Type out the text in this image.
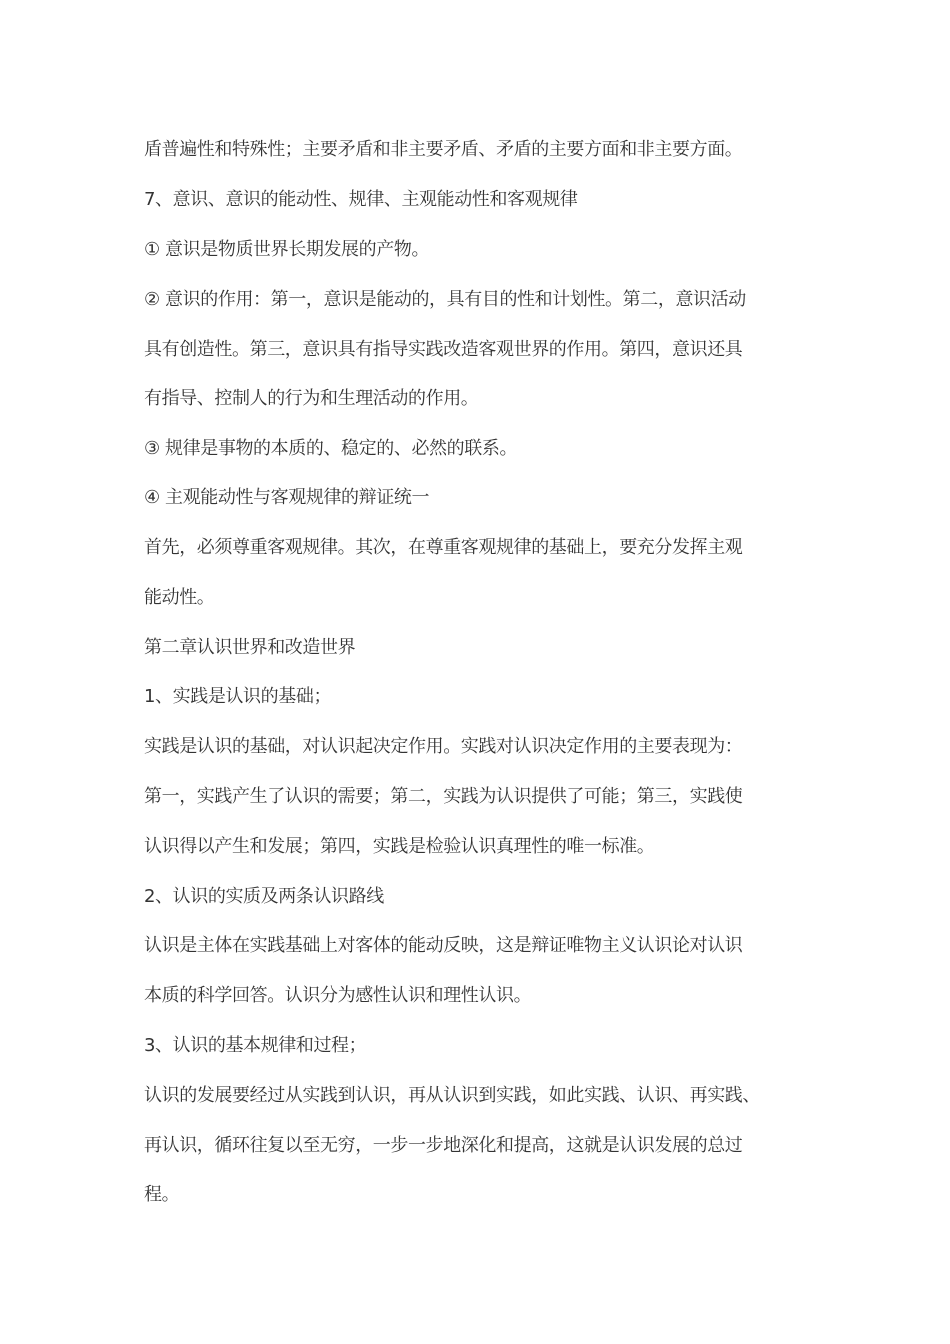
盾普遍性和特殊性；主要矛盾和非主要矛盾、矛盾的主要方面和非主要方面。
7、意识、意识的能动性、规律、主观能动性和客观规律
① 意识是物质世界长期发展的产物。
② 意识的作用：第一，意识是能动的，具有目的性和计划性。第二，意识活动
具有创造性。第三，意识具有指导实践改造客观世界的作用。第四，意识还具
有指导、控制人的行为和生理活动的作用。
③ 规律是事物的本质的、稳定的、必然的联系。
④ 主观能动性与客观规律的辩证统一
首先，必须尊重客观规律。其次，在尊重客观规律的基础上，要充分发挥主观
能动性。
第二章认识世界和改造世界
1、实践是认识的基础；
实践是认识的基础，对认识起决定作用。实践对认识决定作用的主要表现为：
第一，实践产生了认识的需要；第二，实践为认识提供了可能；第三，实践使
认识得以产生和发展；第四，实践是检验认识真理性的唯一标准。
2、认识的实质及两条认识路线
认识是主体在实践基础上对客体的能动反映，这是辩证唯物主义认识论对认识
本质的科学回答。认识分为感性认识和理性认识。
3、认识的基本规律和过程；
认识的发展要经过从实践到认识，再从认识到实践，如此实践、认识、再实践、
再认识，循环往复以至无穷，一步一步地深化和提高，这就是认识发展的总过
程。
